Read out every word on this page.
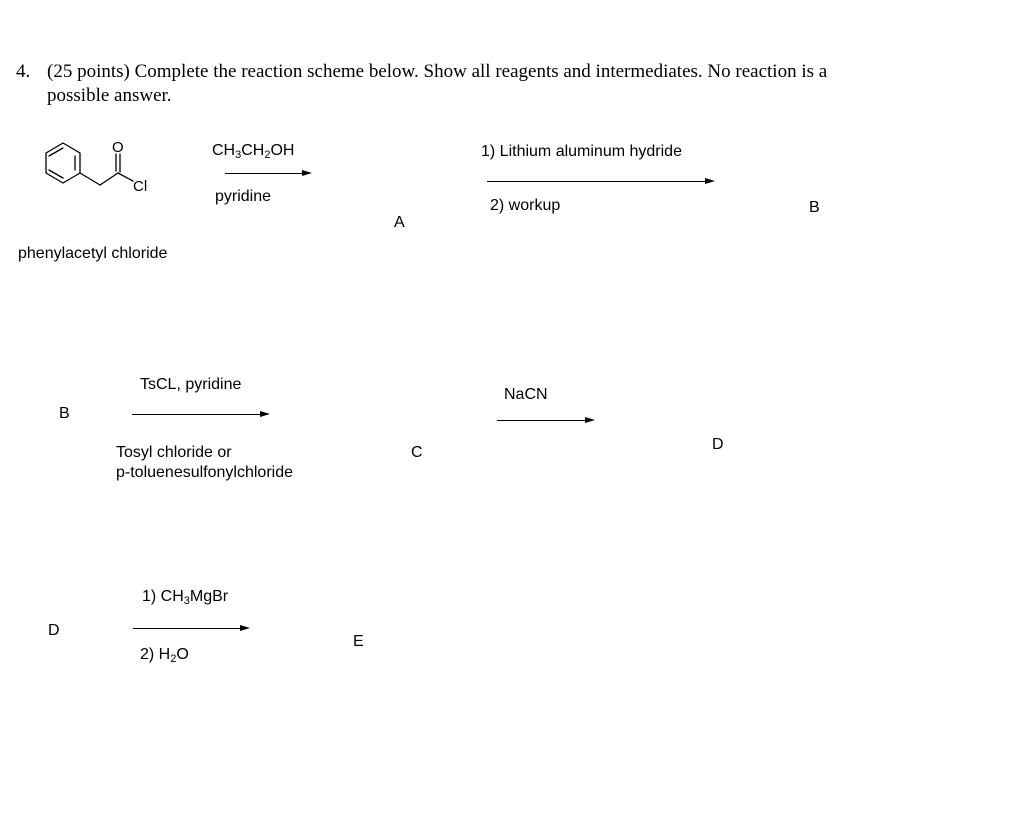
4. (25 points) Complete the reaction scheme below. Show all reagents and intermediates. No reaction is a
possible answer.
O
Cl
phenylacetyl chloride
$CH_3CH_2OH$
pyridine
A
1) Lithium aluminum hydride
2) workup	B
B
TsCL, pyridine
Tosyl chloride or
p-toluenesulfonylchloride
C
NaCN
D
D
1) $CH_3MgBr$
2) $H_2O$
E
